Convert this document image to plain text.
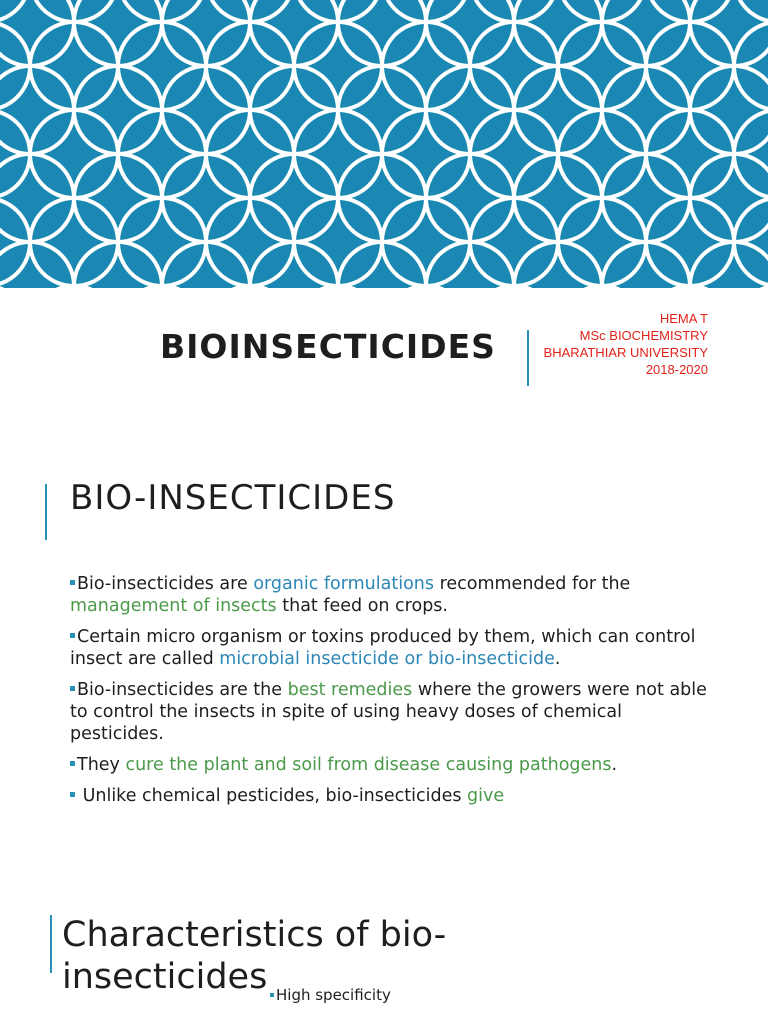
BIOINSECTICIDES
HEMA T
MSc BIOCHEMISTRY
BHARATHIAR UNIVERSITY
2018-2020
BIO-INSECTICIDES
Bio-insecticides are organic formulations recommended for the management of insects that feed on crops.
Certain micro organism or toxins produced by them, which can control insect are called microbial insecticide or bio-insecticide.
Bio-insecticides are the best remedies where the growers were not able to control the insects in spite of using heavy doses of chemical pesticides.
They cure the plant and soil from disease causing pathogens.
Unlike chemical pesticides, bio-insecticides give
Characteristics of bio-
insecticides High specificity
